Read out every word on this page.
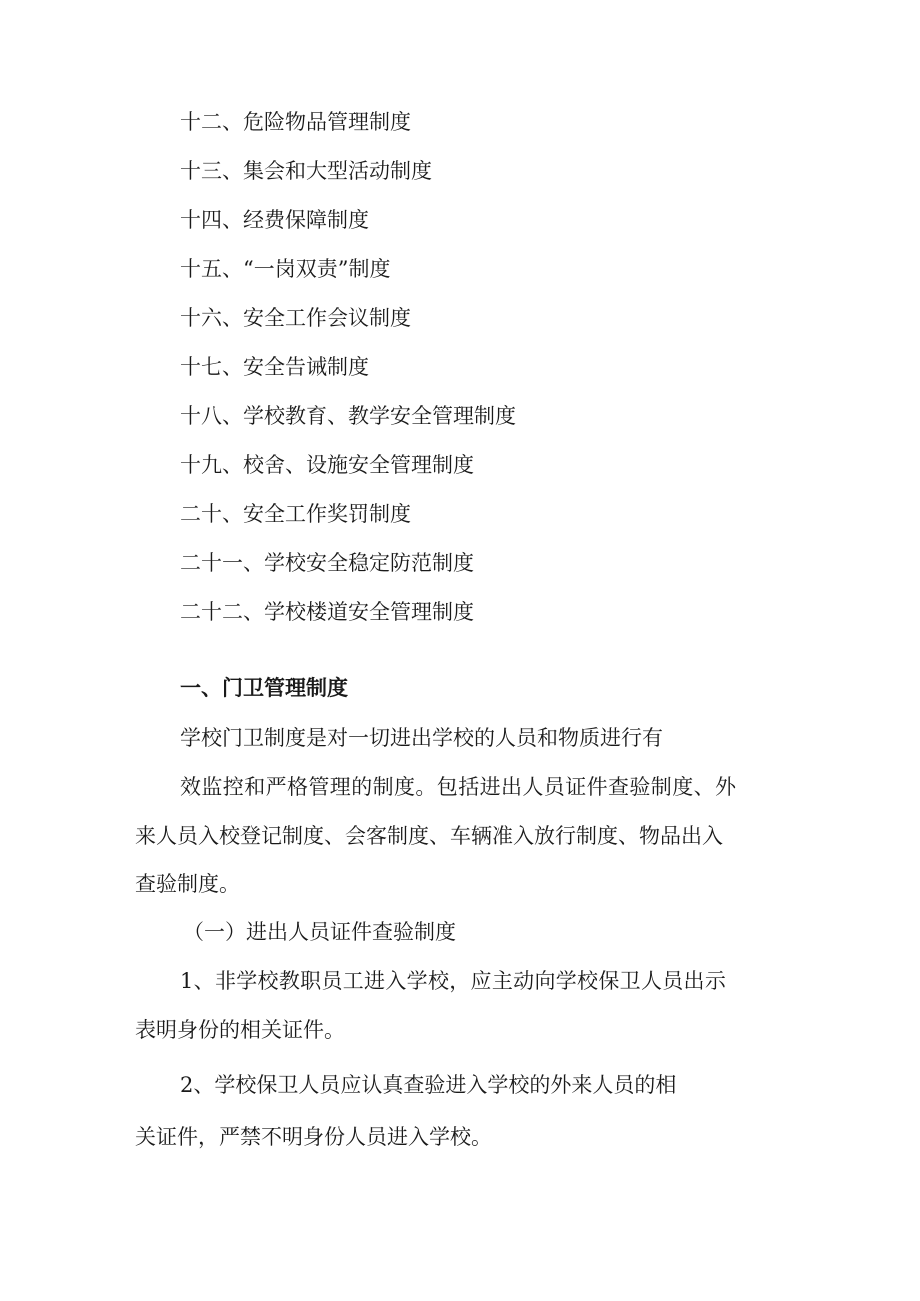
十二、危险物品管理制度
十三、集会和大型活动制度
十四、经费保障制度
十五、“一岗双责”制度
十六、安全工作会议制度
十七、安全告诫制度
十八、学校教育、教学安全管理制度
十九、校舍、设施安全管理制度
二十、安全工作奖罚制度
二十一、学校安全稳定防范制度
二十二、学校楼道安全管理制度
一、门卫管理制度
学校门卫制度是对一切进出学校的人员和物质进行有
效监控和严格管理的制度。包括进出人员证件查验制度、外
来人员入校登记制度、会客制度、车辆准入放行制度、物品出入
查验制度。
（一）进出人员证件查验制度
1、非学校教职员工进入学校，应主动向学校保卫人员出示
表明身份的相关证件。
2、学校保卫人员应认真查验进入学校的外来人员的相
关证件，严禁不明身份人员进入学校。
